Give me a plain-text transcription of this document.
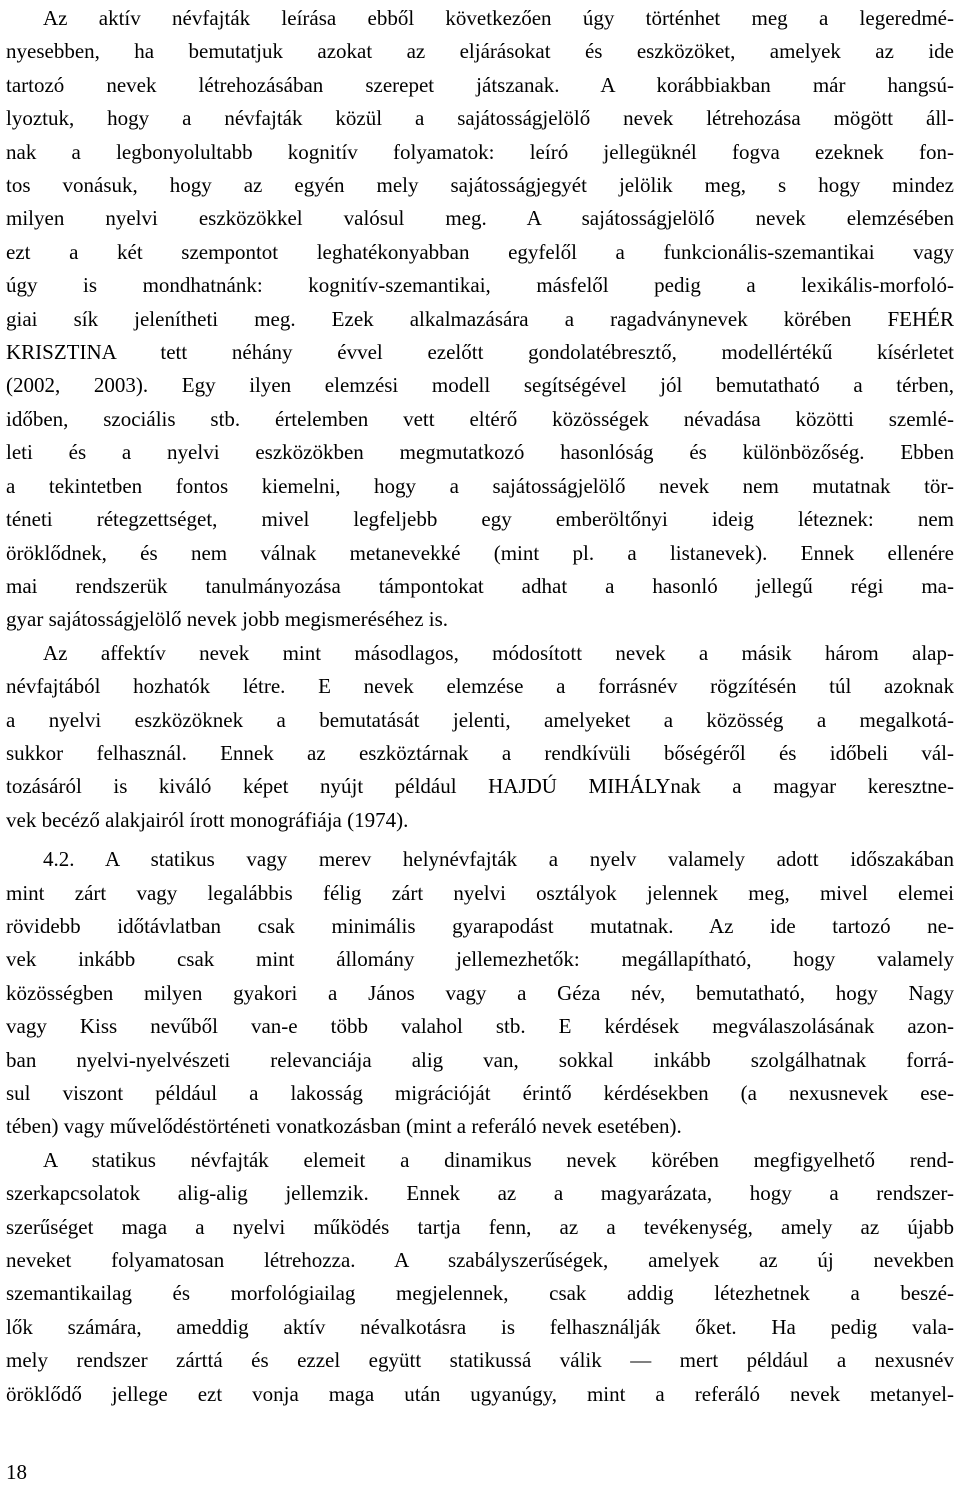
Az aktív névfajták leírása ebből következően úgy történhet meg a legeredmé-
nyesebben, ha bemutatjuk azokat az eljárásokat és eszközöket, amelyek az ide
tartozó nevek létrehozásában szerepet játszanak. A korábbiakban már hangsú-
lyoztuk, hogy a névfajták közül a sajátosságjelölő nevek létrehozása mögött áll-
nak a legbonyolultabb kognitív folyamatok: leíró jellegüknél fogva ezeknek fon-
tos vonásuk, hogy az egyén mely sajátosságjegyét jelölik meg, s hogy mindez
milyen nyelvi eszközökkel valósul meg. A sajátosságjelölő nevek elemzésében
ezt a két szempontot leghatékonyabban egyfelől a funkcionális-szemantikai vagy
úgy is mondhatnánk: kognitív-szemantikai, másfelől pedig a lexikális-morfoló-
giai sík jelenítheti meg. Ezek alkalmazására a ragadványnevek körében FEHÉR
KRISZTINA tett néhány évvel ezelőtt gondolatébresztő, modellértékű kísérletet
(2002, 2003). Egy ilyen elemzési modell segítségével jól bemutatható a térben,
időben, szociális stb. értelemben vett eltérő közösségek névadása közötti szemlé-
leti és a nyelvi eszközökben megmutatkozó hasonlóság és különbözőség. Ebben
a tekintetben fontos kiemelni, hogy a sajátosságjelölő nevek nem mutatnak tör-
téneti rétegzettséget, mivel legfeljebb egy emberöltőnyi ideig léteznek: nem
öröklődnek, és nem válnak metanevekké (mint pl. a listanevek). Ennek ellenére
mai rendszerük tanulmányozása támpontokat adhat a hasonló jellegű régi ma-
gyar sajátosságjelölő nevek jobb megismeréséhez is.
Az affektív nevek mint másodlagos, módosított nevek a másik három alap-
névfajtából hozhatók létre. E nevek elemzése a forrásnév rögzítésén túl azoknak
a nyelvi eszközöknek a bemutatását jelenti, amelyeket a közösség a megalkotá-
sukkor felhasznál. Ennek az eszköztárnak a rendkívüli bőségéről és időbeli vál-
tozásáról is kiváló képet nyújt például HAJDÚ MIHÁLYnak a magyar keresztne-
vek becéző alakjairól írott monográfiája (1974).
4.2. A statikus vagy merev helynévfajták a nyelv valamely adott időszakában
mint zárt vagy legalábbis félig zárt nyelvi osztályok jelennek meg, mivel elemei
rövidebb időtávlatban csak minimális gyarapodást mutatnak. Az ide tartozó ne-
vek inkább csak mint állomány jellemezhetők: megállapítható, hogy valamely
közösségben milyen gyakori a János vagy a Géza név, bemutatható, hogy Nagy
vagy Kiss nevűből van-e több valahol stb. E kérdések megválaszolásának azon-
ban nyelvi-nyelvészeti relevanciája alig van, sokkal inkább szolgálhatnak forrá-
sul viszont például a lakosság migrációját érintő kérdésekben (a nexusnevek ese-
tében) vagy művelődéstörténeti vonatkozásban (mint a referáló nevek esetében).
A statikus névfajták elemeit a dinamikus nevek körében megfigyelhető rend-
szerkapcsolatok alig-alig jellemzik. Ennek az a magyarázata, hogy a rendszer-
szerűséget maga a nyelvi működés tartja fenn, az a tevékenység, amely az újabb
neveket folyamatosan létrehozza. A szabályszerűségek, amelyek az új nevekben
szemantikailag és morfológiailag megjelennek, csak addig létezhetnek a beszé-
lők számára, ameddig aktív névalkotásra is felhasználják őket. Ha pedig vala-
mely rendszer zárttá és ezzel együtt statikussá válik — mert például a nexusnév
öröklődő jellege ezt vonja maga után ugyanúgy, mint a referáló nevek metanyel-
18
